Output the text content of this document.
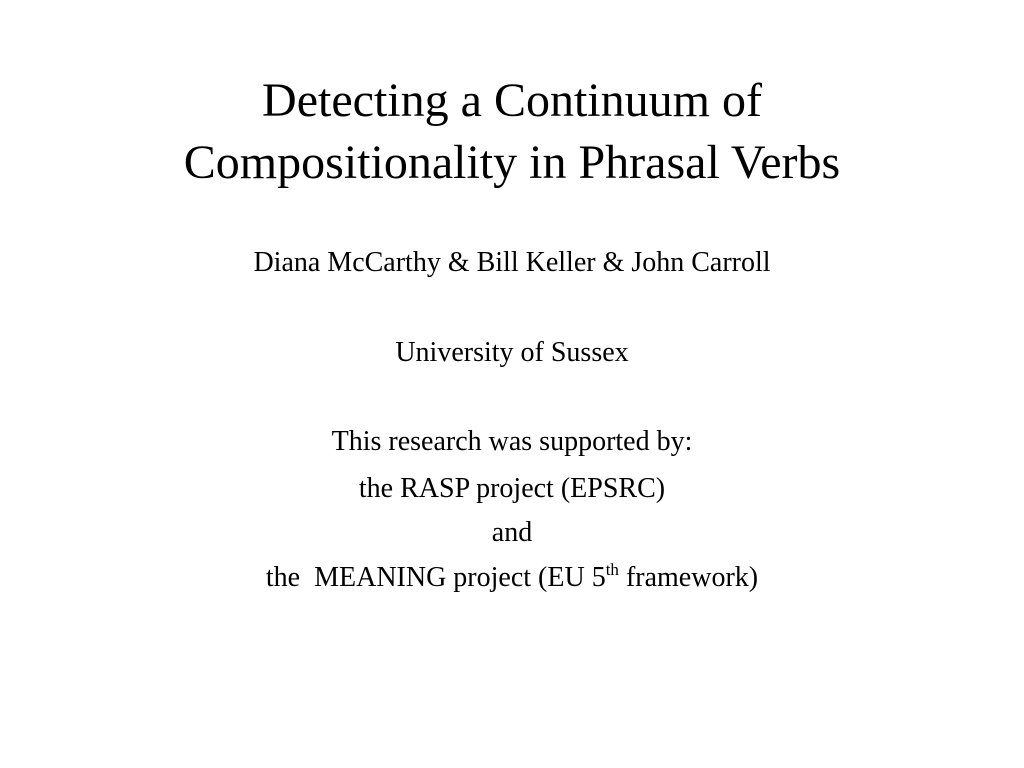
Detecting a Continuum of
Compositionality in Phrasal Verbs
Diana McCarthy & Bill Keller & John Carroll
University of Sussex
This research was supported by:
the RASP project (EPSRC)
and
the  MEANING project (EU 5th framework)
